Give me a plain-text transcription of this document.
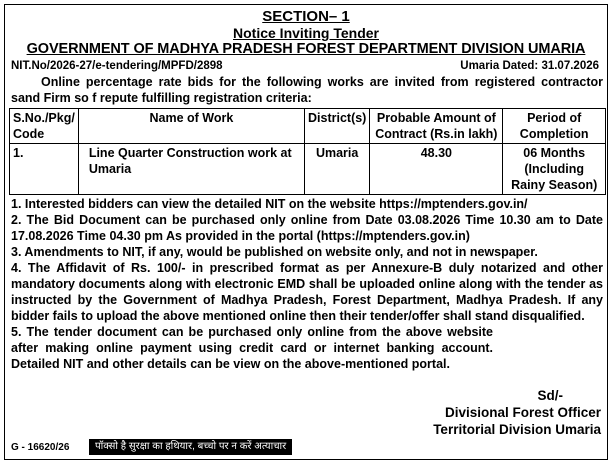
SECTION– 1
Notice Inviting Tender
GOVERNMENT OF MADHYA PRADESH FOREST DEPARTMENT DIVISION UMARIA
NIT.No/2026-27/e-tendering/MPFD/2898	Umaria Dated: 31.07.2026
Online percentage rate bids for the following works are invited from registered contractor sand Firm so f repute fulfilling registration criteria:
S.No./Pkg/ Code	Name of Work	District(s)	Probable Amount of Contract (Rs.in lakh)	Period of Completion
1.	Line Quarter Construction work at Umaria	Umaria	48.30	06 Months (Including Rainy Season)

1. Interested bidders can view the detailed NIT on the website https://mptenders.gov.in/

2. The Bid Document can be purchased only online from Date 03.08.2026 Time 10.30 am to Date 17.08.2026 Time 04.30 pm As provided in the portal (https://mptenders.gov.in)

3. Amendments to NIT, if any, would be published on website only, and not in newspaper.

4. The Affidavit of Rs. 100/- in prescribed format as per Annexure-B duly notarized and other mandatory documents along with electronic EMD shall be uploaded online along with the tender as instructed by the Government of Madhya Pradesh, Forest Department, Madhya Pradesh. If any bidder fails to upload the above mentioned online then their tender/offer shall stand disqualified.

5. The tender document can be purchased only online from the above website after making online payment using credit card or internet banking account. Detailed NIT and other details can be view on the above-mentioned portal.

Sd/-
Divisional Forest Officer
Territorial Division Umaria
G - 16620/26	पॉक्सो है सुरक्षा का हथियार, बच्चो पर न करें अत्याचार
